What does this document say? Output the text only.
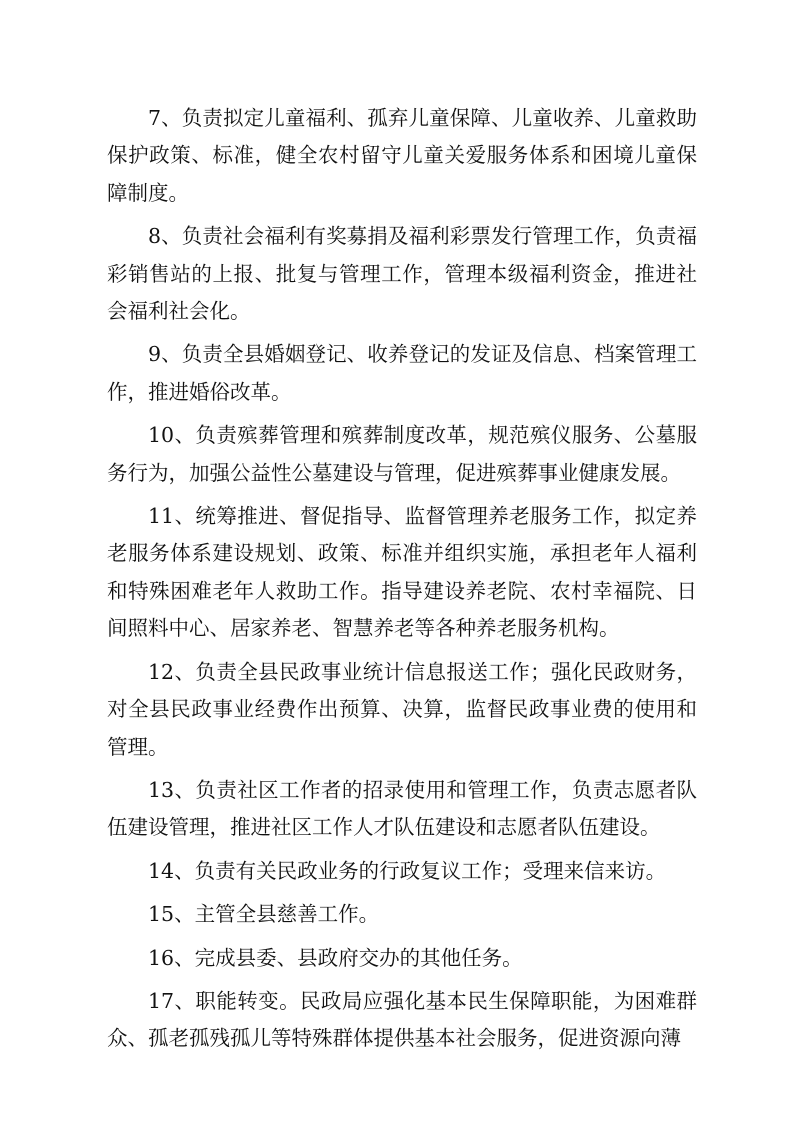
7、负责拟定儿童福利、孤弃儿童保障、儿童收养、儿童救助保护政策、标准，健全农村留守儿童关爱服务体系和困境儿童保障制度。

8、负责社会福利有奖募捐及福利彩票发行管理工作，负责福彩销售站的上报、批复与管理工作，管理本级福利资金，推进社会福利社会化。

9、负责全县婚姻登记、收养登记的发证及信息、档案管理工作，推进婚俗改革。

10、负责殡葬管理和殡葬制度改革，规范殡仪服务、公墓服务行为，加强公益性公墓建设与管理，促进殡葬事业健康发展。

11、统筹推进、督促指导、监督管理养老服务工作，拟定养老服务体系建设规划、政策、标准并组织实施，承担老年人福利和特殊困难老年人救助工作。指导建设养老院、农村幸福院、日间照料中心、居家养老、智慧养老等各种养老服务机构。

12、负责全县民政事业统计信息报送工作；强化民政财务，对全县民政事业经费作出预算、决算，监督民政事业费的使用和管理。

13、负责社区工作者的招录使用和管理工作，负责志愿者队伍建设管理，推进社区工作人才队伍建设和志愿者队伍建设。

14、负责有关民政业务的行政复议工作；受理来信来访。

15、主管全县慈善工作。

16、完成县委、县政府交办的其他任务。

17、职能转变。民政局应强化基本民生保障职能，为困难群众、孤老孤残孤儿等特殊群体提供基本社会服务，促进资源向薄
